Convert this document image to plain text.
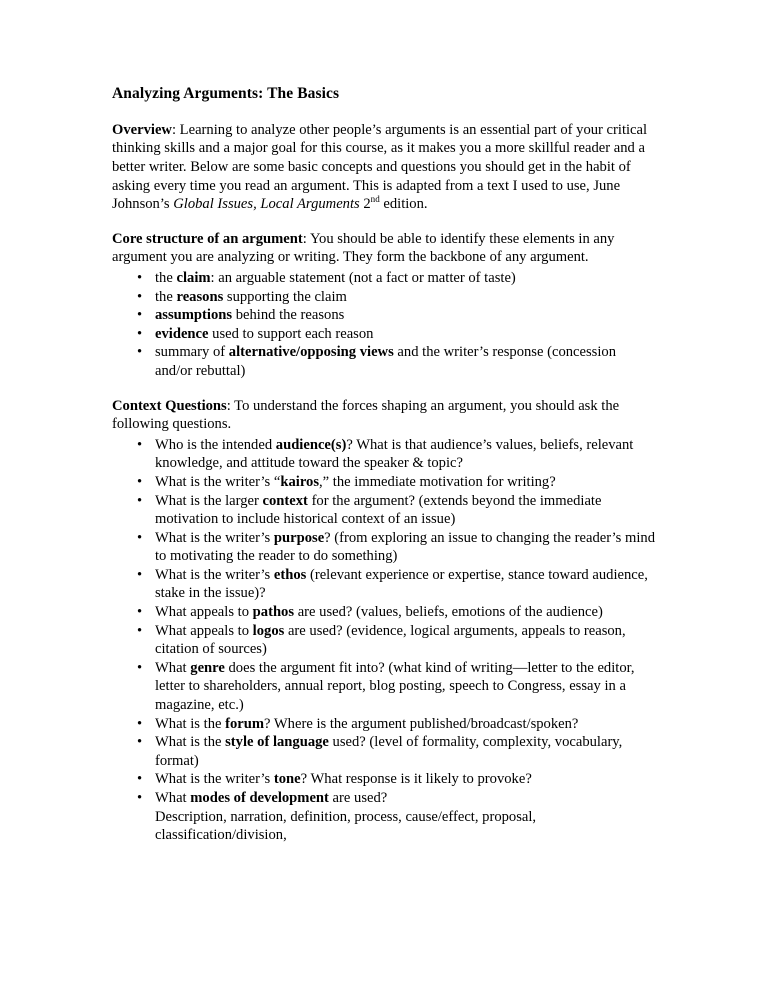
Analyzing Arguments: The Basics

Overview: Learning to analyze other people’s arguments is an essential part of your critical thinking skills and a major goal for this course, as it makes you a more skillful reader and a better writer. Below are some basic concepts and questions you should get in the habit of asking every time you read an argument. This is adapted from a text I used to use, June Johnson’s Global Issues, Local Arguments 2nd edition.

Core structure of an argument: You should be able to identify these elements in any argument you are analyzing or writing. They form the backbone of any argument.

• the claim: an arguable statement (not a fact or matter of taste)
• the reasons supporting the claim
• assumptions behind the reasons
• evidence used to support each reason
• summary of alternative/opposing views and the writer’s response (concession and/or rebuttal)

Context Questions: To understand the forces shaping an argument, you should ask the following questions.

• Who is the intended audience(s)? What is that audience’s values, beliefs, relevant knowledge, and attitude toward the speaker & topic?
• What is the writer’s “kairos,” the immediate motivation for writing?
• What is the larger context for the argument? (extends beyond the immediate motivation to include historical context of an issue)
• What is the writer’s purpose? (from exploring an issue to changing the reader’s mind to motivating the reader to do something)
• What is the writer’s ethos (relevant experience or expertise, stance toward audience, stake in the issue)?
• What appeals to pathos are used? (values, beliefs, emotions of the audience)
• What appeals to logos are used? (evidence, logical arguments, appeals to reason, citation of sources)
• What genre does the argument fit into? (what kind of writing—letter to the editor, letter to shareholders, annual report, blog posting, speech to Congress, essay in a magazine, etc.)
• What is the forum? Where is the argument published/broadcast/spoken?
• What is the style of language used? (level of formality, complexity, vocabulary, format)
• What is the writer’s tone? What response is it likely to provoke?
• What modes of development are used?
Description, narration, definition, process, cause/effect, proposal, classification/division,
